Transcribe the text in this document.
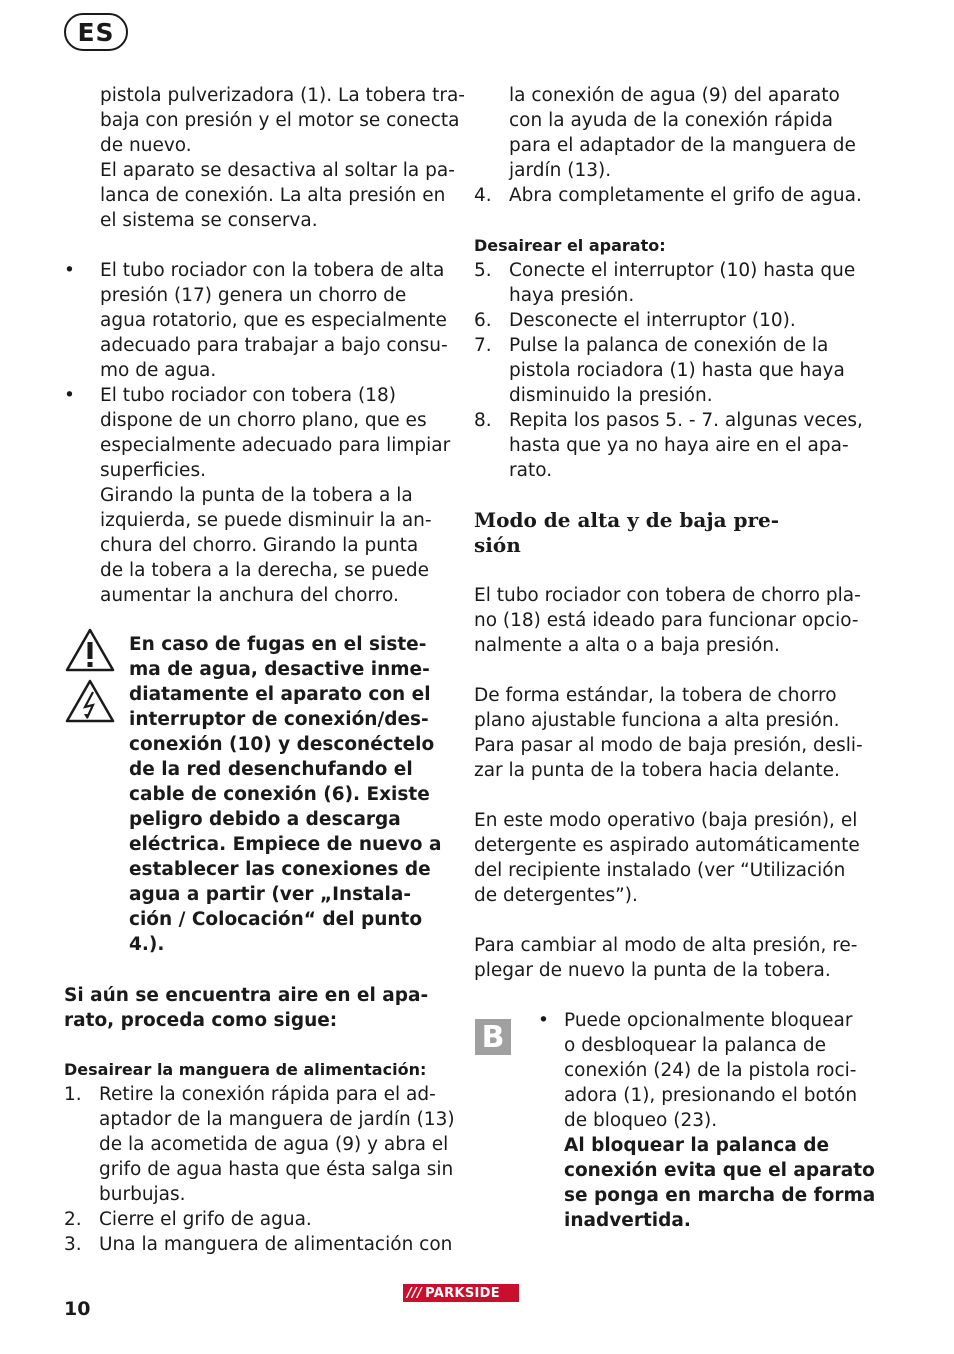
ES
pistola pulverizadora (1). La tobera tra-
baja con presión y el motor se conecta
de nuevo.
El aparato se desactiva al soltar la pa-
lanca de conexión. La alta presión en
el sistema se conserva.
• El tubo rociador con la tobera de alta
presión (17) genera un chorro de
agua rotatorio, que es especialmente
adecuado para trabajar a bajo consu-
mo de agua.
• El tubo rociador con tobera (18)
dispone de un chorro plano, que es
especialmente adecuado para limpiar
superficies.
Girando la punta de la tobera a la
izquierda, se puede disminuir la an-
chura del chorro. Girando la punta
de la tobera a la derecha, se puede
aumentar la anchura del chorro.
En caso de fugas en el siste-
ma de agua, desactive inme-
diatamente el aparato con el
interruptor de conexión/des-
conexión (10) y desconéctelo
de la red desenchufando el
cable de conexión (6). Existe
peligro debido a descarga
eléctrica. Empiece de nuevo a
establecer las conexiones de
agua a partir (ver „Instala-
ción / Colocación“ del punto
4.).
Si aún se encuentra aire en el apa-
rato, proceda como sigue:
Desairear la manguera de alimentación:
1. Retire la conexión rápida para el ad-
aptador de la manguera de jardín (13)
de la acometida de agua (9) y abra el
grifo de agua hasta que ésta salga sin
burbujas.
2. Cierre el grifo de agua.
3. Una la manguera de alimentación con
la conexión de agua (9) del aparato
con la ayuda de la conexión rápida
para el adaptador de la manguera de
jardín (13).
4. Abra completamente el grifo de agua.
Desairear el aparato:
5. Conecte el interruptor (10) hasta que
haya presión.
6. Desconecte el interruptor (10).
7. Pulse la palanca de conexión de la
pistola rociadora (1) hasta que haya
disminuido la presión.
8. Repita los pasos 5. - 7. algunas veces,
hasta que ya no haya aire en el apa-
rato.
Modo de alta y de baja pre-
sión
El tubo rociador con tobera de chorro pla-
no (18) está ideado para funcionar opcio-
nalmente a alta o a baja presión.
De forma estándar, la tobera de chorro
plano ajustable funciona a alta presión.
Para pasar al modo de baja presión, desli-
zar la punta de la tobera hacia delante.
En este modo operativo (baja presión), el
detergente es aspirado automáticamente
del recipiente instalado (ver “Utilización
de detergentes”).
Para cambiar al modo de alta presión, re-
plegar de nuevo la punta de la tobera.
B	• Puede opcionalmente bloquear
o desbloquear la palanca de
conexión (24) de la pistola roci-
adora (1), presionando el botón
de bloqueo (23).
Al bloquear la palanca de
conexión evita que el aparato
se ponga en marcha de forma
inadvertida.
10
/// PARKSIDE
